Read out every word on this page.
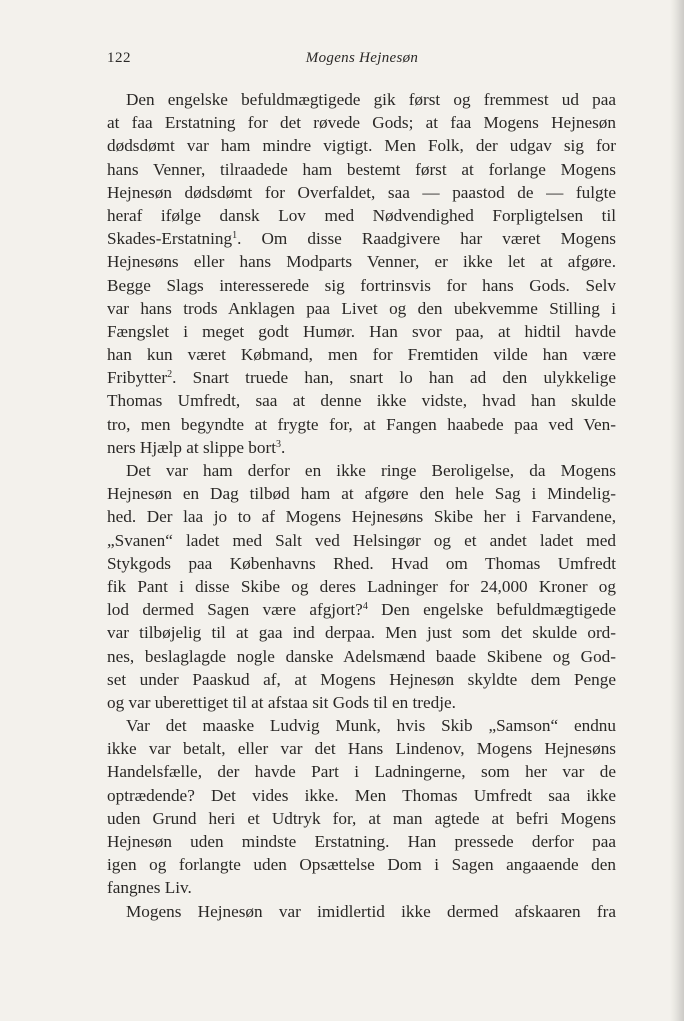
122	Mogens Hejnesøn
Den engelske befuldmægtigede gik først og fremmest ud paa
at faa Erstatning for det røvede Gods; at faa Mogens Hejnesøn
dødsdømt var ham mindre vigtigt. Men Folk, der udgav sig for
hans Venner, tilraadede ham bestemt først at forlange Mogens
Hejnesøn dødsdømt for Overfaldet, saa — paastod de — fulgte
heraf ifølge dansk Lov med Nødvendighed Forpligtelsen til
Skades-Erstatning$^1$. Om disse Raadgivere har været Mogens
Hejnesøns eller hans Modparts Venner, er ikke let at afgøre.
Begge Slags interesserede sig fortrinsvis for hans Gods. Selv
var hans trods Anklagen paa Livet og den ubekvemme Stilling i
Fængslet i meget godt Humør. Han svor paa, at hidtil havde
han kun været Købmand, men for Fremtiden vilde han være
Fribytter$^2$. Snart truede han, snart lo han ad den ulykkelige
Thomas Umfredt, saa at denne ikke vidste, hvad han skulde
tro, men begyndte at frygte for, at Fangen haabede paa ved Ven-
ners Hjælp at slippe bort$^3$.
Det var ham derfor en ikke ringe Beroligelse, da Mogens
Hejnesøn en Dag tilbød ham at afgøre den hele Sag i Mindelig-
hed. Der laa jo to af Mogens Hejnesøns Skibe her i Farvandene,
„Svanen“ ladet med Salt ved Helsingør og et andet ladet med
Stykgods paa Københavns Rhed. Hvad om Thomas Umfredt
fik Pant i disse Skibe og deres Ladninger for 24,000 Kroner og
lod dermed Sagen være afgjort?$^4$ Den engelske befuldmægtigede
var tilbøjelig til at gaa ind derpaa. Men just som det skulde ord-
nes, beslaglagde nogle danske Adelsmænd baade Skibene og God-
set under Paaskud af, at Mogens Hejnesøn skyldte dem Penge
og var uberettiget til at afstaa sit Gods til en tredje.
Var det maaske Ludvig Munk, hvis Skib „Samson“ endnu
ikke var betalt, eller var det Hans Lindenov, Mogens Hejnesøns
Handelsfælle, der havde Part i Ladningerne, som her var de
optrædende? Det vides ikke. Men Thomas Umfredt saa ikke
uden Grund heri et Udtryk for, at man agtede at befri Mogens
Hejnesøn uden mindste Erstatning. Han pressede derfor paa
igen og forlangte uden Opsættelse Dom i Sagen angaaende den
fangnes Liv.
Mogens Hejnesøn var imidlertid ikke dermed afskaaren fra
